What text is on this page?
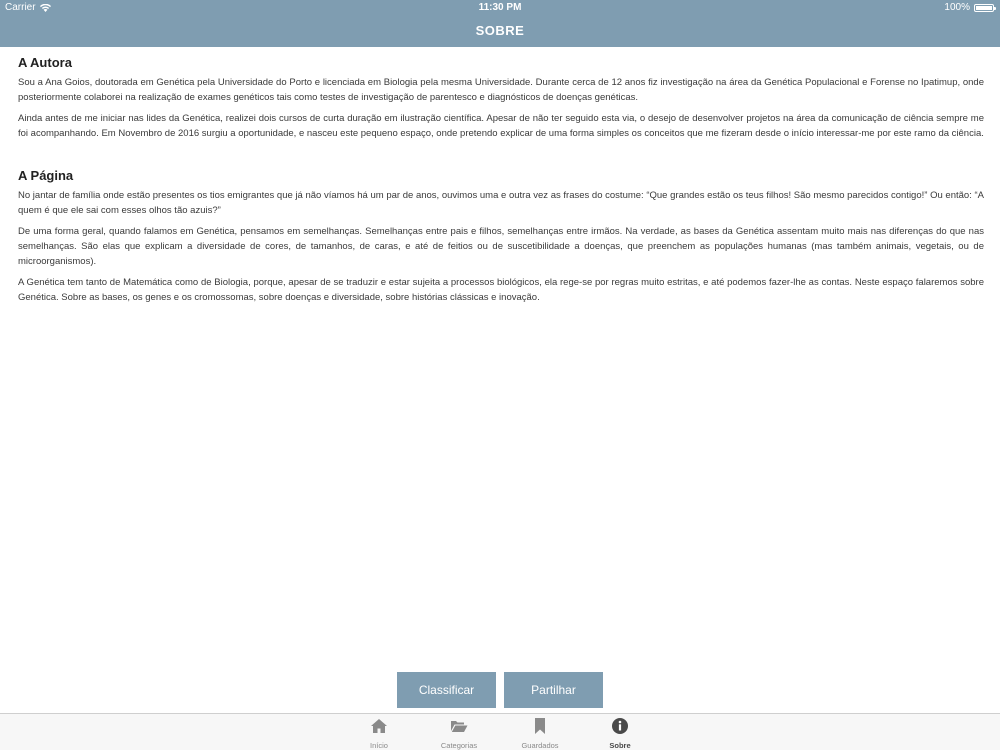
Carrier	11:30 PM	100%
SOBRE
A Autora

Sou a Ana Goios, doutorada em Genética pela Universidade do Porto e licenciada em Biologia pela mesma Universidade. Durante cerca de 12 anos fiz investigação na área da Genética Populacional e Forense no Ipatimup, onde posteriormente colaborei na realização de exames genéticos tais como testes de investigação de parentesco e diagnósticos de doenças genéticas.

Ainda antes de me iniciar nas lides da Genética, realizei dois cursos de curta duração em ilustração científica. Apesar de não ter seguido esta via, o desejo de desenvolver projetos na área da comunicação de ciência sempre me foi acompanhando. Em Novembro de 2016 surgiu a oportunidade, e nasceu este pequeno espaço, onde pretendo explicar de uma forma simples os conceitos que me fizeram desde o início interessar-me por este ramo da ciência.

A Página

No jantar de família onde estão presentes os tios emigrantes que já não víamos há um par de anos, ouvimos uma e outra vez as frases do costume: “Que grandes estão os teus filhos! São mesmo parecidos contigo!” Ou então: “A quem é que ele sai com esses olhos tão azuis?”

De uma forma geral, quando falamos em Genética, pensamos em semelhanças. Semelhanças entre pais e filhos, semelhanças entre irmãos. Na verdade, as bases da Genética assentam muito mais nas diferenças do que nas semelhanças. São elas que explicam a diversidade de cores, de tamanhos, de caras, e até de feitios ou de suscetibilidade a doenças, que preenchem as populações humanas (mas também animais, vegetais, ou de microorganismos).

A Genética tem tanto de Matemática como de Biologia, porque, apesar de se traduzir e estar sujeita a processos biológicos, ela rege-se por regras muito estritas, e até podemos fazer-lhe as contas. Neste espaço falaremos sobre Genética. Sobre as bases, os genes e os cromossomas, sobre doenças e diversidade, sobre histórias clássicas e inovação.

Classificar	Partilhar
Início	Categorias	Guardados	Sobre
